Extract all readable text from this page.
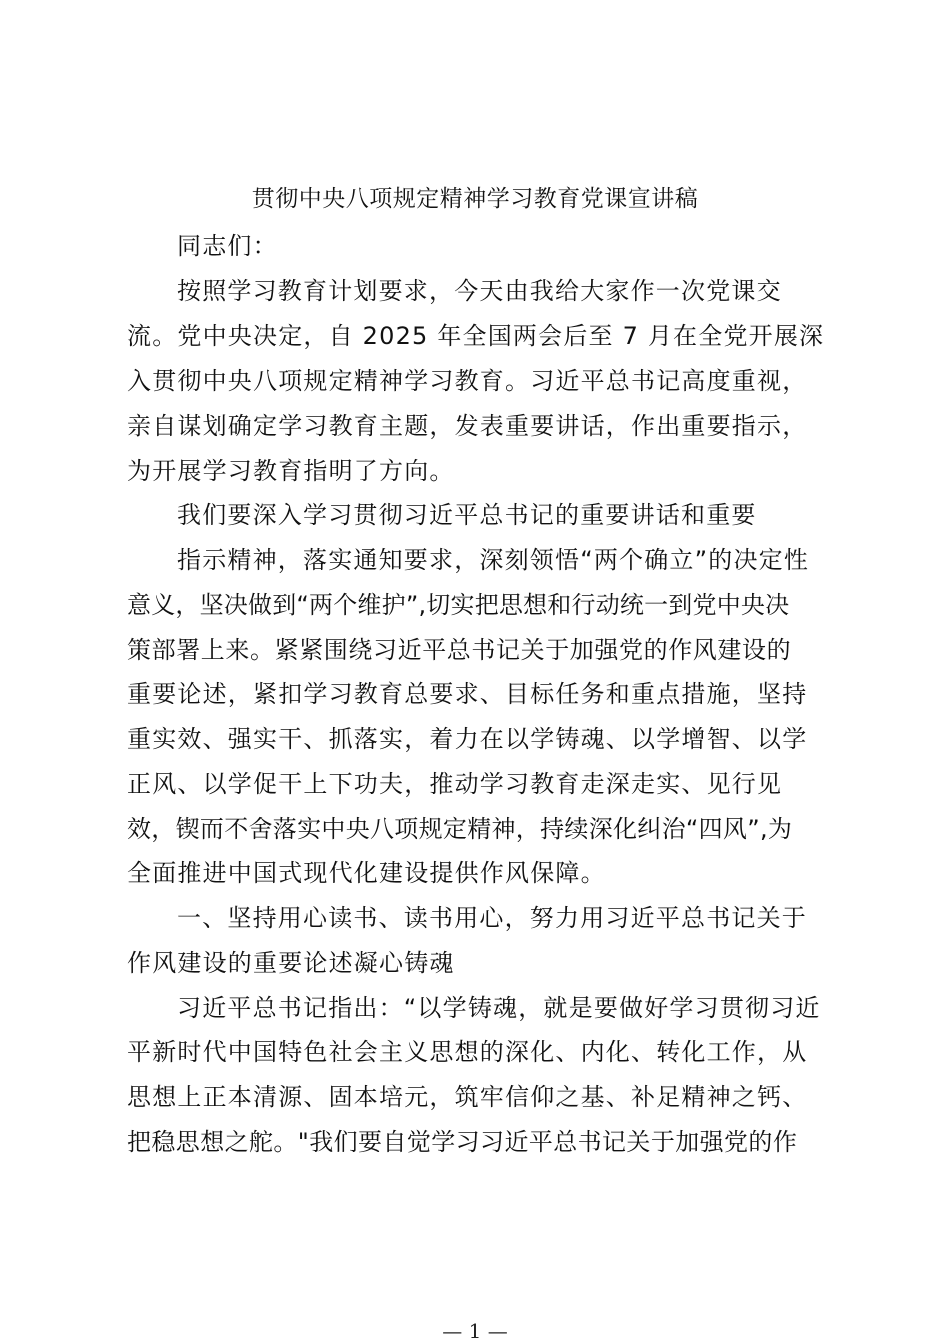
贯彻中央八项规定精神学习教育党课宣讲稿
同志们：
按照学习教育计划要求，今天由我给大家作一次党课交
流。党中央决定，自 2025 年全国两会后至 7 月在全党开展深
入贯彻中央八项规定精神学习教育。习近平总书记高度重视，
亲自谋划确定学习教育主题，发表重要讲话，作出重要指示，
为开展学习教育指明了方向。
我们要深入学习贯彻习近平总书记的重要讲话和重要
指示精神，落实通知要求，深刻领悟“两个确立”的决定性
意义，坚决做到“两个维护”,切实把思想和行动统一到党中央决
策部署上来。紧紧围绕习近平总书记关于加强党的作风建设的
重要论述，紧扣学习教育总要求、目标任务和重点措施，坚持
重实效、强实干、抓落实，着力在以学铸魂、以学增智、以学
正风、以学促干上下功夫，推动学习教育走深走实、见行见
效，锲而不舍落实中央八项规定精神，持续深化纠治“四风”,为
全面推进中国式现代化建设提供作风保障。
一、坚持用心读书、读书用心，努力用习近平总书记关于
作风建设的重要论述凝心铸魂
习近平总书记指出：“以学铸魂，就是要做好学习贯彻习近
平新时代中国特色社会主义思想的深化、内化、转化工作，从
思想上正本清源、固本培元，筑牢信仰之基、补足精神之钙、
把稳思想之舵。"我们要自觉学习习近平总书记关于加强党的作
— 1 —
